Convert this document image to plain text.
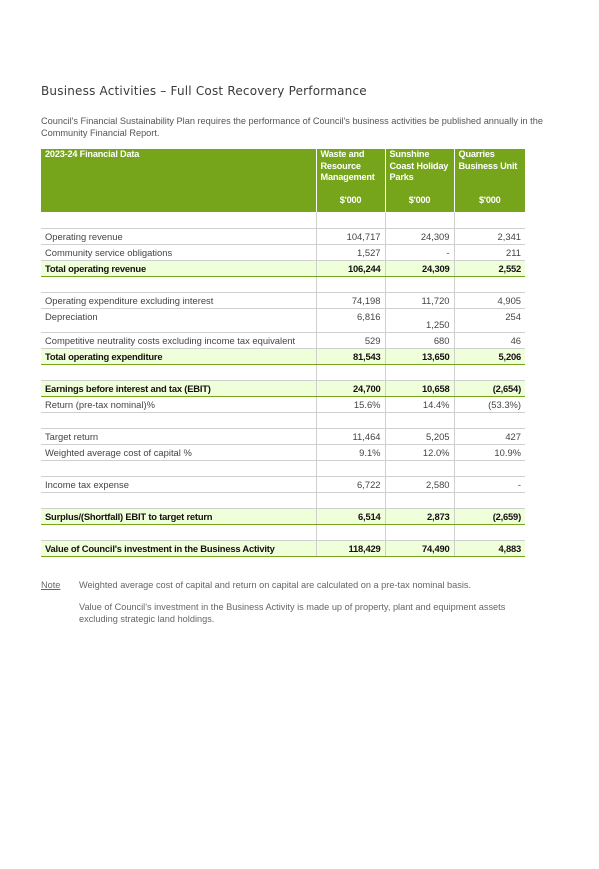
Business Activities – Full Cost Recovery Performance
Council's Financial Sustainability Plan requires the performance of Council's business activities be published annually in the Community Financial Report.
2023-24 Financial Data	Waste and Resource Management	Sunshine Coast Holiday Parks	Quarries Business Unit
	$'000	$'000	$'000

Operating revenue	104,717	24,309	2,341
Community service obligations	1,527	-	211
Total operating revenue	106,244	24,309	2,552

Operating expenditure excluding interest	74,198	11,720	4,905
Depreciation	6,816	1,250	254
Competitive neutrality costs excluding income tax equivalent	529	680	46
Total operating expenditure	81,543	13,650	5,206

Earnings before interest and tax (EBIT)	24,700	10,658	(2,654)
Return (pre-tax nominal)%	15.6%	14.4%	(53.3%)

Target return	11,464	5,205	427
Weighted average cost of capital %	9.1%	12.0%	10.9%

Income tax expense	6,722	2,580	-

Surplus/(Shortfall) EBIT to target return	6,514	2,873	(2,659)

Value of Council's investment in the Business Activity	118,429	74,490	4,883
Note Weighted average cost of capital and return on capital are calculated on a pre-tax nominal basis.
Value of Council's investment in the Business Activity is made up of property, plant and equipment assets excluding strategic land holdings.
